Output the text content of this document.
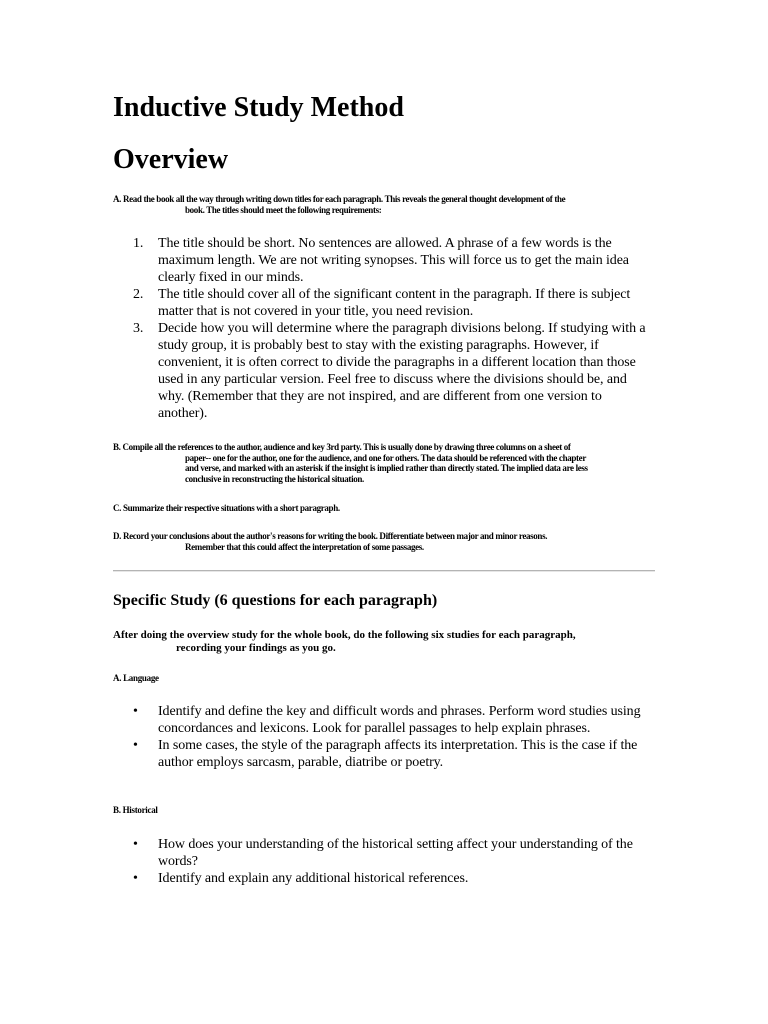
Inductive Study Method
Overview

A. Read the book all the way through writing down titles for each paragraph. This reveals the general thought development of the
book. The titles should meet the following requirements:

1. The title should be short. No sentences are allowed. A phrase of a few words is the maximum length. We are not writing synopses. This will force us to get the main idea clearly fixed in our minds.
2. The title should cover all of the significant content in the paragraph. If there is subject matter that is not covered in your title, you need revision.
3. Decide how you will determine where the paragraph divisions belong. If studying with a study group, it is probably best to stay with the existing paragraphs. However, if convenient, it is often correct to divide the paragraphs in a different location than those used in any particular version. Feel free to discuss where the divisions should be, and why. (Remember that they are not inspired, and are different from one version to another).

B. Compile all the references to the author, audience and key 3rd party. This is usually done by drawing three columns on a sheet of
paper-- one for the author, one for the audience, and one for others. The data should be referenced with the chapter
and verse, and marked with an asterisk if the insight is implied rather than directly stated. The implied data are less
conclusive in reconstructing the historical situation.

C. Summarize their respective situations with a short paragraph.

D. Record your conclusions about the author's reasons for writing the book. Differentiate between major and minor reasons.
Remember that this could affect the interpretation of some passages.

Specific Study (6 questions for each paragraph)

After doing the overview study for the whole book, do the following six studies for each paragraph,
recording your findings as you go.

A. Language

• Identify and define the key and difficult words and phrases. Perform word studies using concordances and lexicons. Look for parallel passages to help explain phrases.
• In some cases, the style of the paragraph affects its interpretation. This is the case if the author employs sarcasm, parable, diatribe or poetry.

B. Historical

• How does your understanding of the historical setting affect your understanding of the words?
• Identify and explain any additional historical references.
